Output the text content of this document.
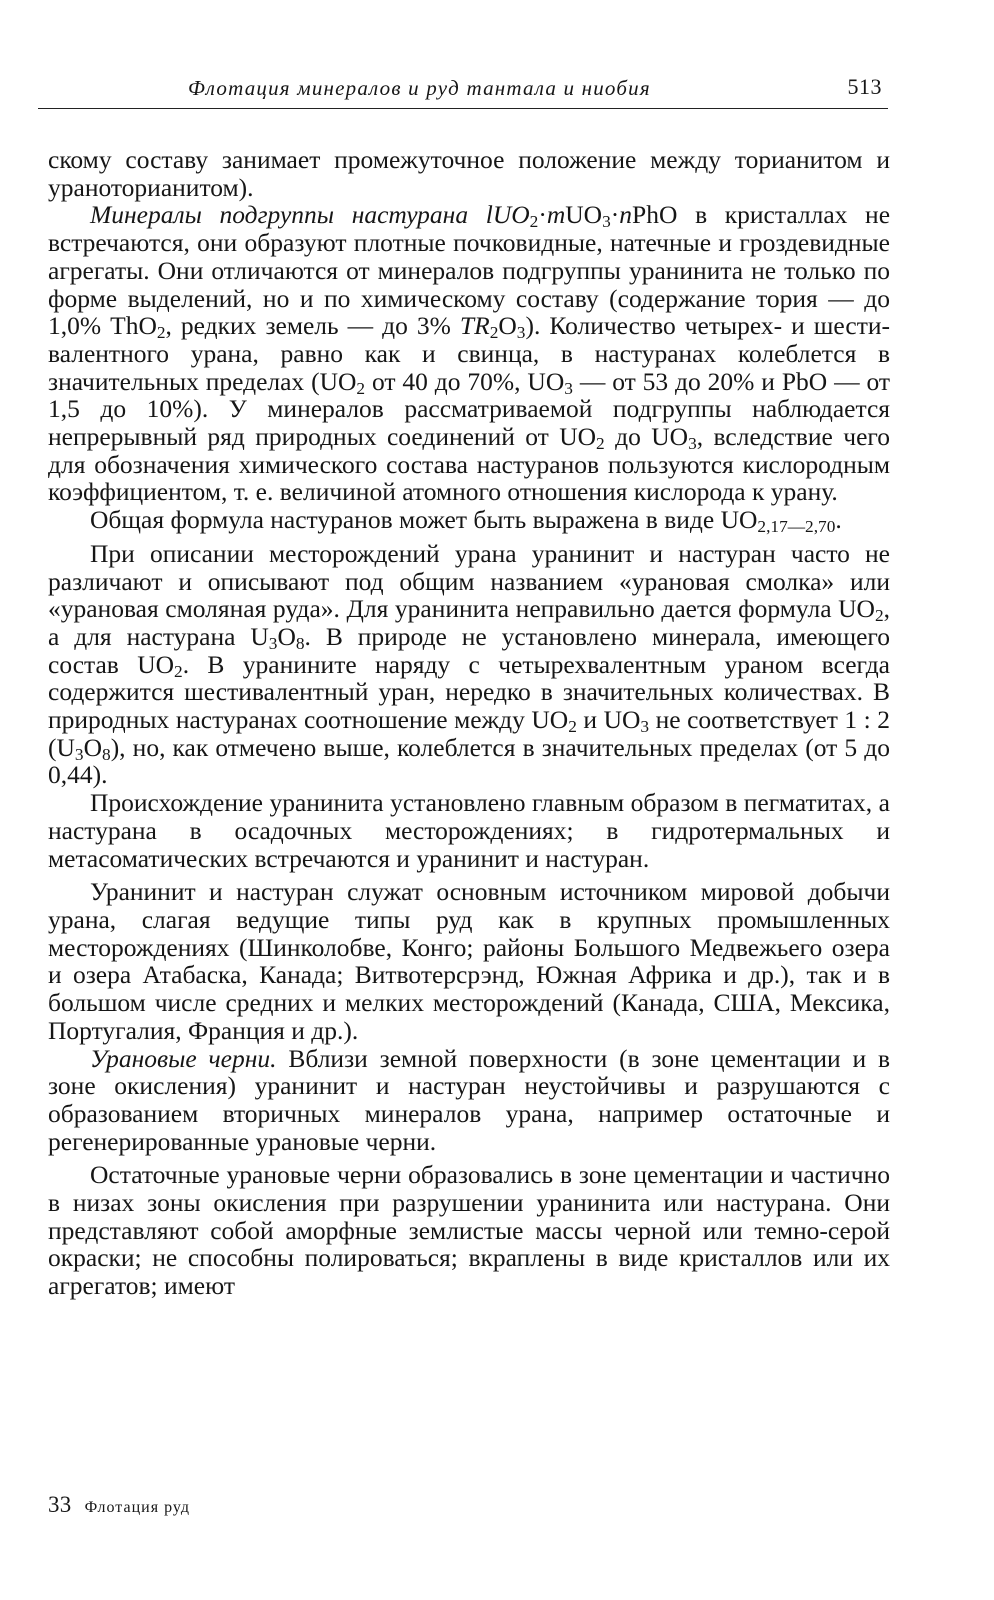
Флотация минералов и руд тантала и ниобия	513

скому составу занимает промежуточное положение между торианитом и ураноторианитом).

Минералы подгруппы настурана lUO$_2$·mUO$_3$·nPhO в кристаллах не встречаются, они образуют плотные почковидные, натечные и гроздевидные агрегаты. Они отличаются от минералов подгруппы уранинита не только по форме выделений, но и по химическому составу (содержание тория — до 1,0% ThO$_2$, редких земель — до 3% $TR_2O_3$). Количество четырех- и шестивалентного урана, равно как и свинца, в настуранах колеблется в значительных пределах ($UO_2$ от 40 до 70%, $UO_3$ — от 53 до 20% и PbO — от 1,5 до 10%). У минералов рассматриваемой подгруппы наблюдается непрерывный ряд природных соединений от $UO_2$ до $UO_3$, вследствие чего для обозначения химического состава настуранов пользуются кислородным коэффициентом, т. е. величиной атомного отношения кислорода к урану.

Общая формула настуранов может быть выражена в виде $UO_{2,17—2,70}$.

При описании месторождений урана уранинит и настуран часто не различают и описывают под общим названием «урановая смолка» или «урановая смоляная руда». Для уранинита неправильно дается формула $UO_2$, а для настурана $U_3O_8$. В природе не установлено минерала, имеющего состав $UO_2$. В уранините наряду с четырехвалентным ураном всегда содержится шестивалентный уран, нередко в значительных количествах. В природных настуранах соотношение между $UO_2$ и $UO_3$ не соответствует 1 : 2 $(U_3O_8)$, но, как отмечено выше, колеблется в значительных пределах (от 5 до 0,44).

Происхождение уранинита установлено главным образом в пегматитах, а настурана в осадочных месторождениях; в гидротермальных и метасоматических встречаются и уранинит и настуран.

Уранинит и настуран служат основным источником мировой добычи урана, слагая ведущие типы руд как в крупных промышленных месторождениях (Шинколобве, Конго; районы Большого Медвежьего озера и озера Атабаска, Канада; Витвотерсрэнд, Южная Африка и др.), так и в большом числе средних и мелких месторождений (Канада, США, Мексика, Португалия, Франция и др.).

Урановые черни. Вблизи земной поверхности (в зоне цементации и в зоне окисления) уранинит и настуран неустойчивы и разрушаются с образованием вторичных минералов урана, например остаточные и регенерированные урановые черни.

Остаточные урановые черни образовались в зоне цементации и частично в низах зоны окисления при разрушении уранинита или настурана. Они представляют собой аморфные землистые массы черной или темно-серой окраски; не способны полироваться; вкраплены в виде кристаллов или их агрегатов; имеют

33 Флотация руд
